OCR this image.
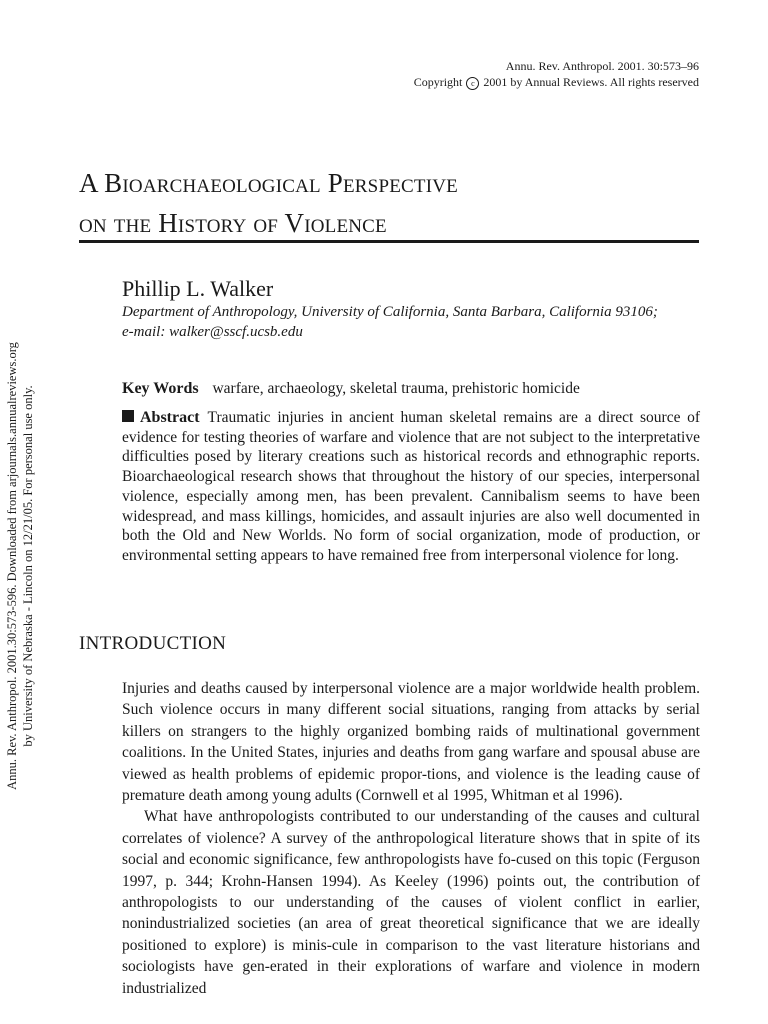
Annu. Rev. Anthropol. 2001. 30:573–96
Copyright c 2001 by Annual Reviews. All rights reserved
A Bioarchaeological Perspective
on the History of Violence
Phillip L. Walker
Department of Anthropology, University of California, Santa Barbara, California 93106;
e-mail: walker@sscf.ucsb.edu
Key Words warfare, archaeology, skeletal trauma, prehistoric homicide

Abstract Traumatic injuries in ancient human skeletal remains are a direct source of evidence for testing theories of warfare and violence that are not subject to the interpretative difficulties posed by literary creations such as historical records and ethnographic reports. Bioarchaeological research shows that throughout the history of our species, interpersonal violence, especially among men, has been prevalent. Cannibalism seems to have been widespread, and mass killings, homicides, and assault injuries are also well documented in both the Old and New Worlds. No form of social organization, mode of production, or environmental setting appears to have remained free from interpersonal violence for long.

INTRODUCTION

Injuries and deaths caused by interpersonal violence are a major worldwide health problem. Such violence occurs in many different social situations, ranging from attacks by serial killers on strangers to the highly organized bombing raids of multinational government coalitions. In the United States, injuries and deaths from gang warfare and spousal abuse are viewed as health problems of epidemic propor-tions, and violence is the leading cause of premature death among young adults (Cornwell et al 1995, Whitman et al 1996).

What have anthropologists contributed to our understanding of the causes and cultural correlates of violence? A survey of the anthropological literature shows that in spite of its social and economic significance, few anthropologists have fo-cused on this topic (Ferguson 1997, p. 344; Krohn-Hansen 1994). As Keeley (1996) points out, the contribution of anthropologists to our understanding of the causes of violent conflict in earlier, nonindustrialized societies (an area of great theoretical significance that we are ideally positioned to explore) is minis-cule in comparison to the vast literature historians and sociologists have gen-erated in their explorations of warfare and violence in modern industrialized

Annu. Rev. Anthropol. 2001.30:573-596. Downloaded from arjournals.annualreviews.org by University of Nebraska - Lincoln on 12/21/05. For personal use only.
